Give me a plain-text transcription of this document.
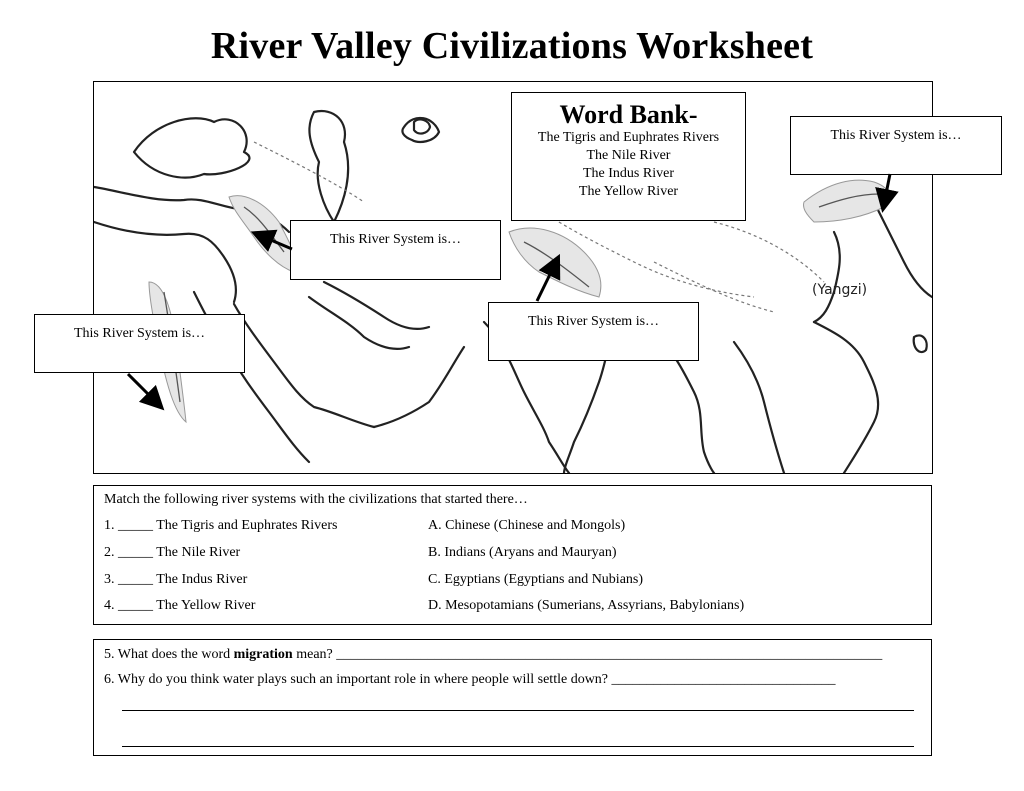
River Valley Civilizations Worksheet
(Yangzi)
This River System is…
This River System is…
This River System is…
This River System is…
Word Bank-
The Tigris and Euphrates Rivers
The Nile River
The Indus River
The Yellow River
Match the following river systems with the civilizations that started there…
1. _____ The Tigris and Euphrates Rivers	A. Chinese (Chinese and Mongols)
2. _____ The Nile River	B. Indians (Aryans and Mauryan)
3. _____ The Indus River	C. Egyptians (Egyptians and Nubians)
4. _____ The Yellow River	D. Mesopotamians (Sumerians, Assyrians, Babylonians)
5. What does the word migration mean? ______________________________________________________________________________
6. Why do you think water plays such an important role in where people will settle down? ________________________________
